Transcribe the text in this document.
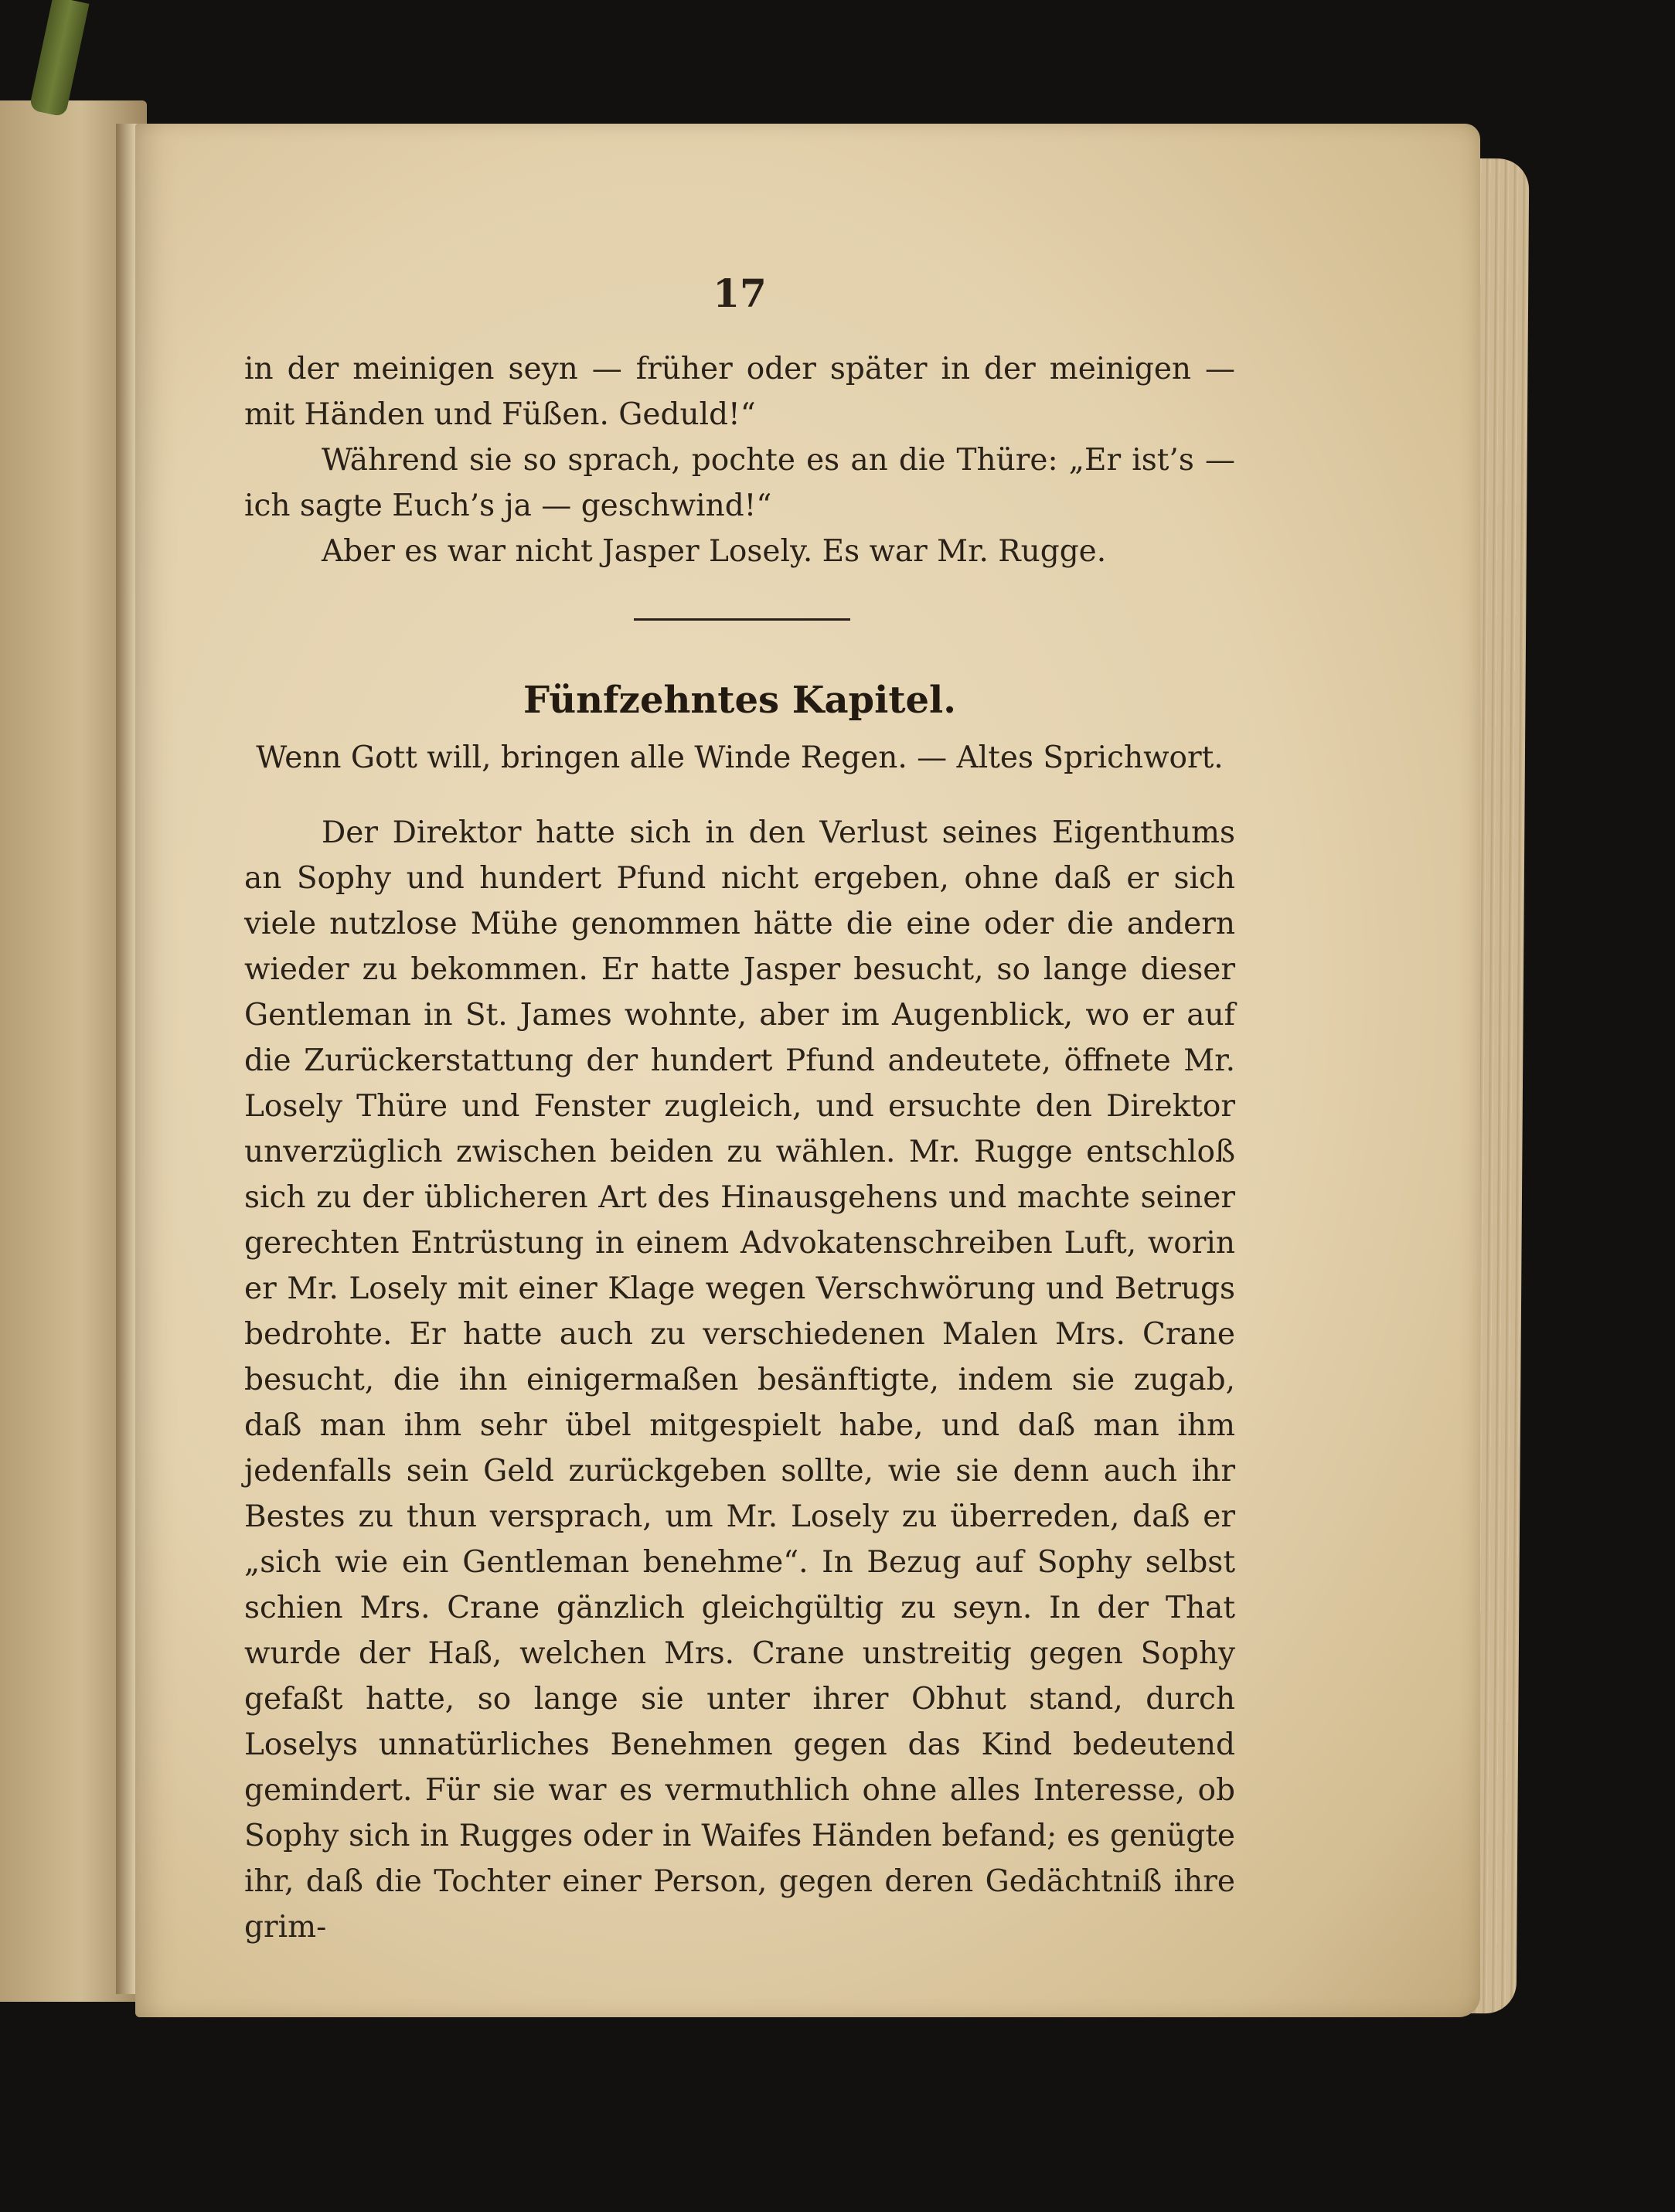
17
in der meinigen seyn — früher oder später in der meinigen — mit Händen und Füßen. Geduld!“
Während sie so sprach, pochte es an die Thüre: „Er ist’s — ich sagte Euch’s ja — geschwind!“
Aber es war nicht Jasper Losely. Es war Mr. Rugge.
Fünfzehntes Kapitel.
Wenn Gott will, bringen alle Winde Regen. — Altes Sprichwort.
Der Direktor hatte sich in den Verlust seines Eigenthums an Sophy und hundert Pfund nicht ergeben, ohne daß er sich viele nutzlose Mühe genommen hätte die eine oder die andern wieder zu bekommen. Er hatte Jasper besucht, so lange dieser Gentleman in St. James wohnte, aber im Augenblick, wo er auf die Zurückerstattung der hundert Pfund andeutete, öffnete Mr. Losely Thüre und Fenster zugleich, und ersuchte den Direktor unverzüglich zwischen beiden zu wählen. Mr. Rugge entschloß sich zu der üblicheren Art des Hinausgehens und machte seiner gerechten Entrüstung in einem Advokatenschreiben Luft, worin er Mr. Losely mit einer Klage wegen Verschwörung und Betrugs bedrohte. Er hatte auch zu verschiedenen Malen Mrs. Crane besucht, die ihn einigermaßen besänftigte, indem sie zugab, daß man ihm sehr übel mitgespielt habe, und daß man ihm jedenfalls sein Geld zurückgeben sollte, wie sie denn auch ihr Bestes zu thun versprach, um Mr. Losely zu überreden, daß er „sich wie ein Gentleman benehme“. In Bezug auf Sophy selbst schien Mrs. Crane gänzlich gleichgültig zu seyn. In der That wurde der Haß, welchen Mrs. Crane unstreitig gegen Sophy gefaßt hatte, so lange sie unter ihrer Obhut stand, durch Loselys unnatürliches Benehmen gegen das Kind bedeutend gemindert. Für sie war es vermuthlich ohne alles Interesse, ob Sophy sich in Rugges oder in Waifes Händen befand; es genügte ihr, daß die Tochter einer Person, gegen deren Gedächtniß ihre grim-
